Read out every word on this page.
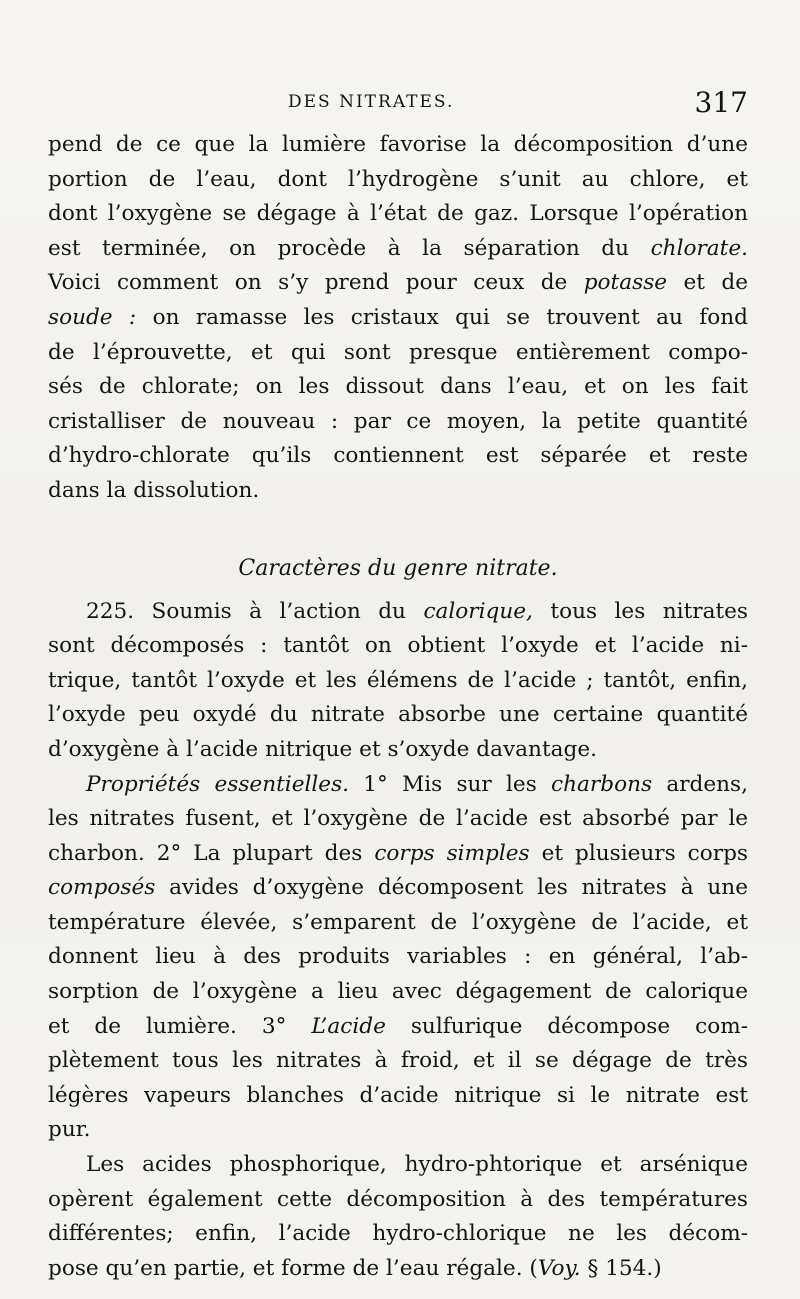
DES NITRATES.	317
pend de ce que la lumière favorise la décomposition d’une
portion de l’eau, dont l’hydrogène s’unit au chlore, et
dont l’oxygène se dégage à l’état de gaz. Lorsque l’opération
est terminée, on procède à la séparation du chlorate.
Voici comment on s’y prend pour ceux de potasse et de
soude : on ramasse les cristaux qui se trouvent au fond
de l’éprouvette, et qui sont presque entièrement compo-
sés de chlorate; on les dissout dans l’eau, et on les fait
cristalliser de nouveau : par ce moyen, la petite quantité
d’hydro-chlorate qu’ils contiennent est séparée et reste
dans la dissolution.
Caractères du genre nitrate.
225. Soumis à l’action du calorique, tous les nitrates
sont décomposés : tantôt on obtient l’oxyde et l’acide ni-
trique, tantôt l’oxyde et les élémens de l’acide ; tantôt, enfin,
l’oxyde peu oxydé du nitrate absorbe une certaine quantité
d’oxygène à l’acide nitrique et s’oxyde davantage.
Propriétés essentielles. 1° Mis sur les charbons ardens,
les nitrates fusent, et l’oxygène de l’acide est absorbé par le
charbon. 2° La plupart des corps simples et plusieurs corps
composés avides d’oxygène décomposent les nitrates à une
température élevée, s’emparent de l’oxygène de l’acide, et
donnent lieu à des produits variables : en général, l’ab-
sorption de l’oxygène a lieu avec dégagement de calorique
et de lumière. 3° L’acide sulfurique décompose com-
plètement tous les nitrates à froid, et il se dégage de très
légères vapeurs blanches d’acide nitrique si le nitrate est
pur.
Les acides phosphorique, hydro-phtorique et arsénique
opèrent également cette décomposition à des températures
différentes; enfin, l’acide hydro-chlorique ne les décom-
pose qu’en partie, et forme de l’eau régale. (Voy. § 154.)
